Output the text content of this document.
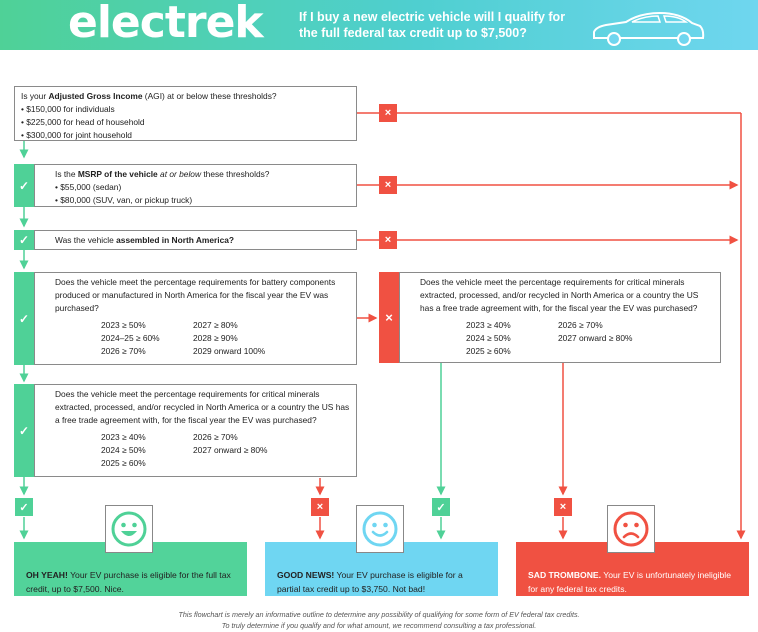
electrek	If I buy a new electric vehicle will I qualify for the full federal tax credit up to $7,500?
Is your Adjusted Gross Income (AGI) at or below these thresholds?
• $150,000 for individuals
• $225,000 for head of household
• $300,000 for joint household
×
✓
Is the MSRP of the vehicle at or below these thresholds?
• $55,000 (sedan)
• $80,000 (SUV, van, or pickup truck)
×
✓	Was the vehicle assembled in North America?	×
✓
Does the vehicle meet the percentage requirements for battery components produced or manufactured in North America for the fiscal year the EV was purchased?
2023 ≥ 50%	2027 ≥ 80%
2024–25 ≥ 60%	2028 ≥ 90%
2026 ≥ 70%	2029 onward 100%
×
Does the vehicle meet the percentage requirements for critical minerals extracted, processed, and/or recycled in North America or a country the US has a free trade agreement with, for the fiscal year the EV was purchased?
2023 ≥ 40%	2026 ≥ 70%
2024 ≥ 50%	2027 onward ≥ 80%
2025 ≥ 60%
✓
Does the vehicle meet the percentage requirements for critical minerals extracted, processed, and/or recycled in North America or a country the US has a free trade agreement with, for the fiscal year the EV was purchased?
2023 ≥ 40%	2026 ≥ 70%
2024 ≥ 50%	2027 onward ≥ 80%
2025 ≥ 60%
✓	×	✓	×
OH YEAH! Your EV purchase is eligible for the full tax credit, up to $7,500. Nice.
GOOD NEWS! Your EV purchase is eligible for a partial tax credit up to $3,750. Not bad!
SAD TROMBONE. Your EV is unfortunately ineligible for any federal tax credits.
This flowchart is merely an informative outline to determine any possibility of qualifying for some form of EV federal tax credits.
To truly determine if you qualify and for what amount, we recommend consulting a tax professional.
